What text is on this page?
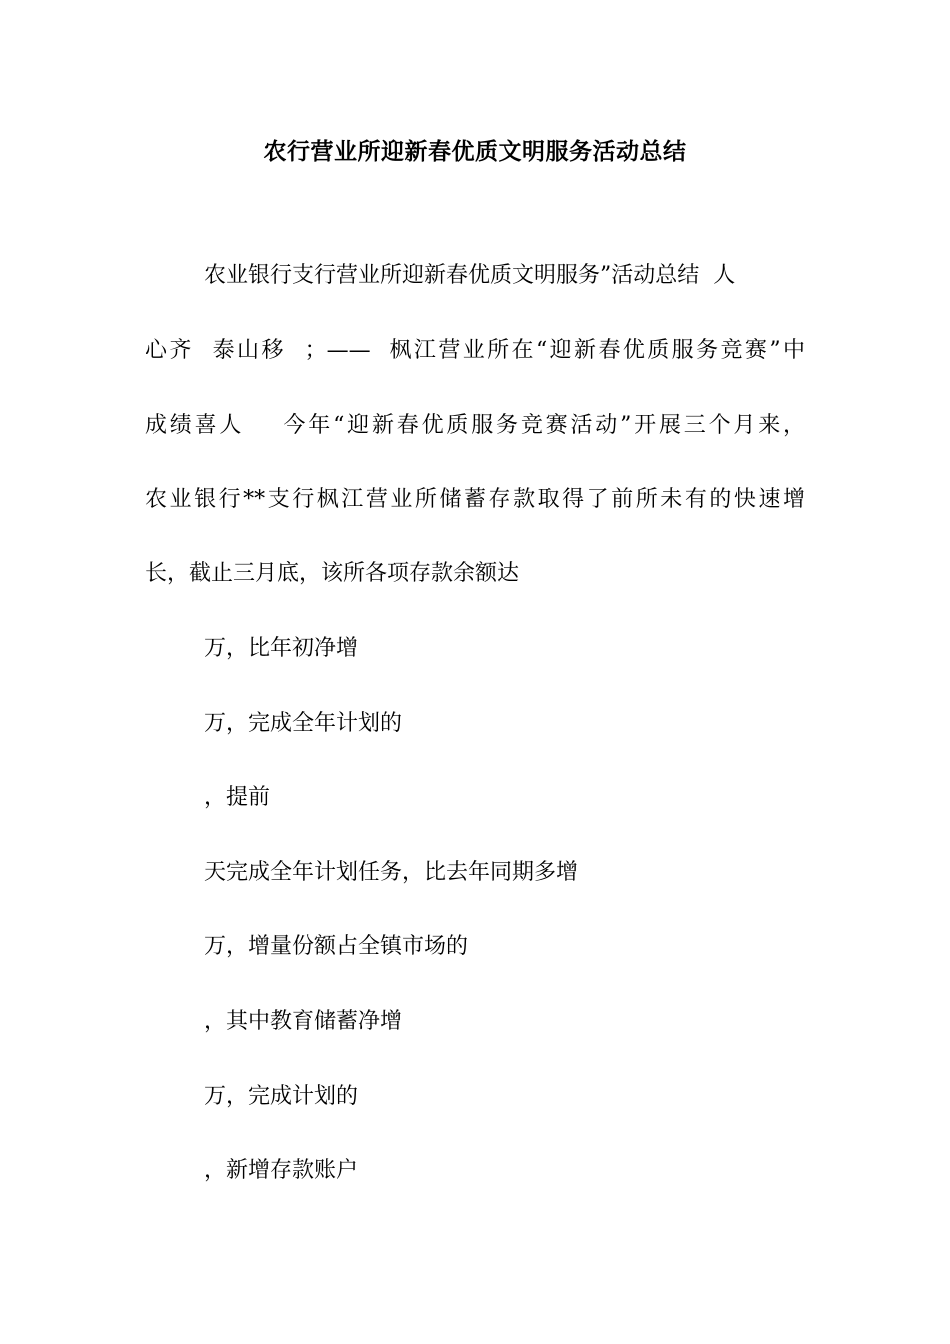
农行营业所迎新春优质文明服务活动总结
农业银行支行营业所迎新春优质文明服务”活动总结  人
心齐  泰山移  ；——  枫江营业所在“迎新春优质服务竞赛”中
成绩喜人    今年“迎新春优质服务竞赛活动”开展三个月来，
农业银行**支行枫江营业所储蓄存款取得了前所未有的快速增
长，截止三月底，该所各项存款余额达
万，比年初净增
万，完成全年计划的
，提前
天完成全年计划任务，比去年同期多增
万，增量份额占全镇市场的
，其中教育储蓄净增
万，完成计划的
，新增存款账户
